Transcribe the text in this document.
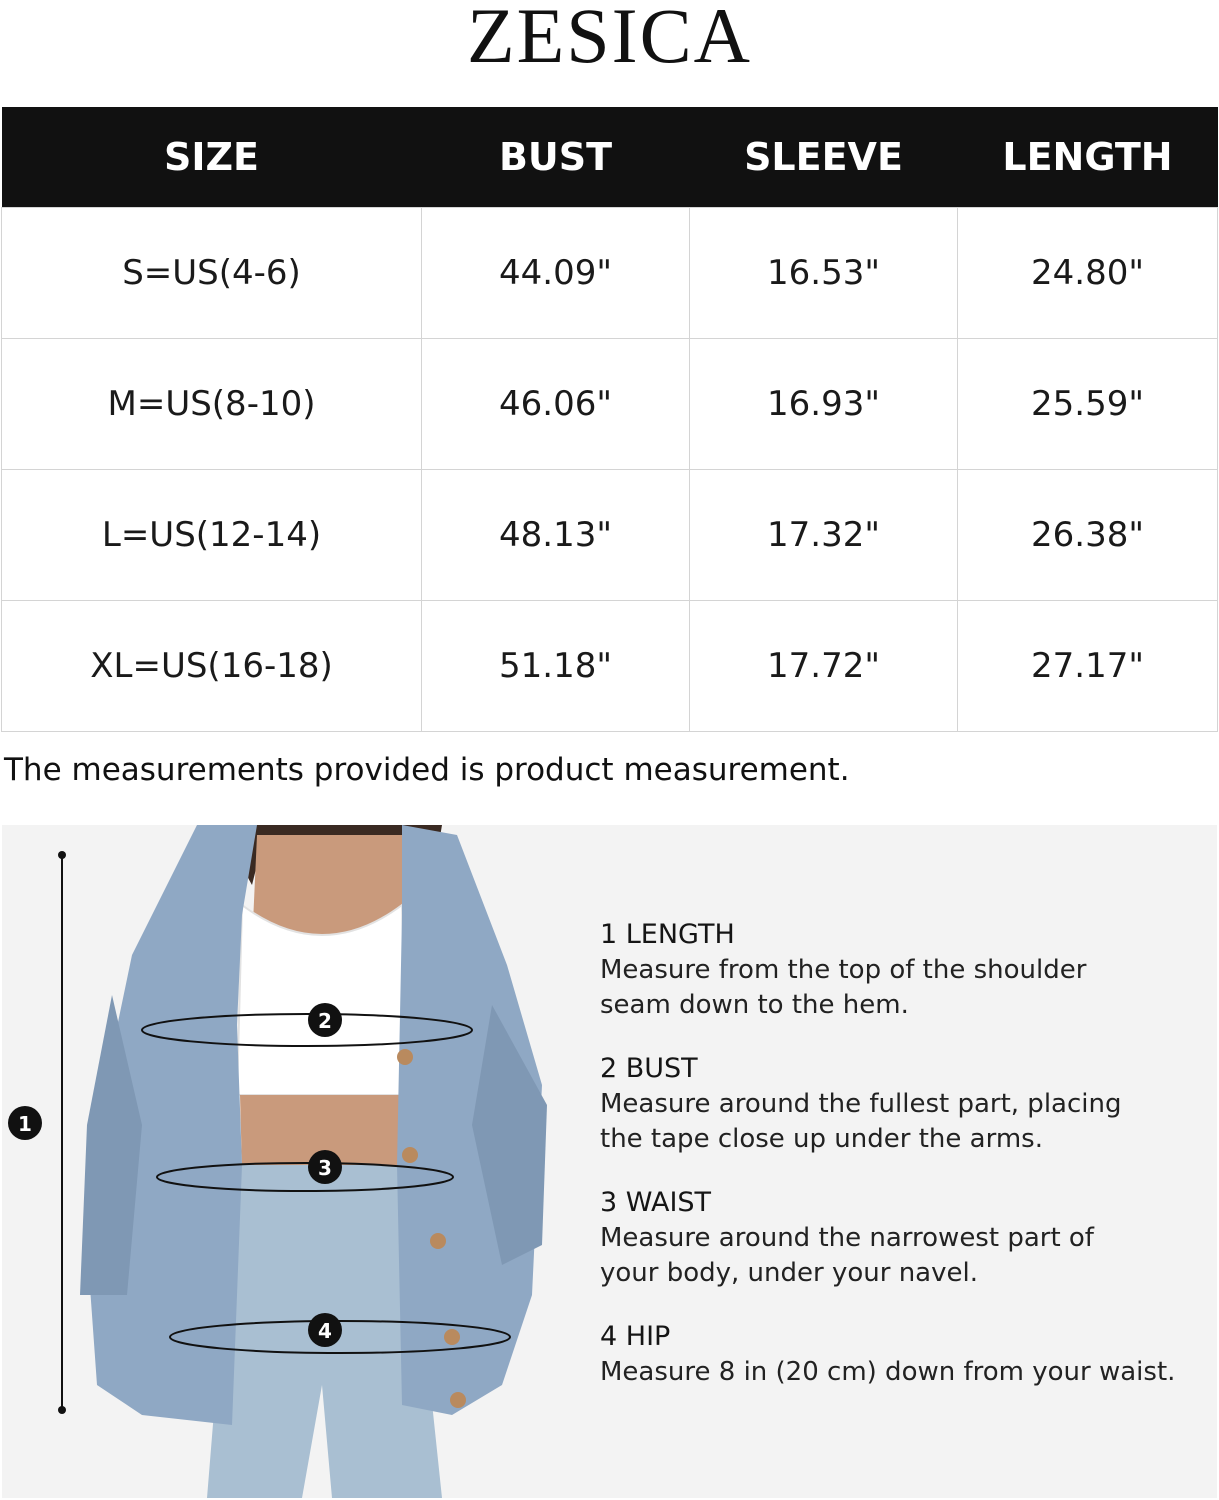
ZESICA
SIZE	BUST	SLEEVE	LENGTH
S=US(4-6)	44.09"	16.53"	24.80"
M=US(8-10)	46.06"	16.93"	25.59"
L=US(12-14)	48.13"	17.32"	26.38"
XL=US(16-18)	51.18"	17.72"	27.17"
The measurements provided is product measurement.
1
2
3
4
1 LENGTH
Measure from the top of the shoulder
seam down to the hem.
2 BUST
Measure around the fullest part, placing
the tape close up under the arms.
3 WAIST
Measure around the narrowest part of
your body, under your navel.
4 HIP
Measure 8 in (20 cm) down from your waist.
